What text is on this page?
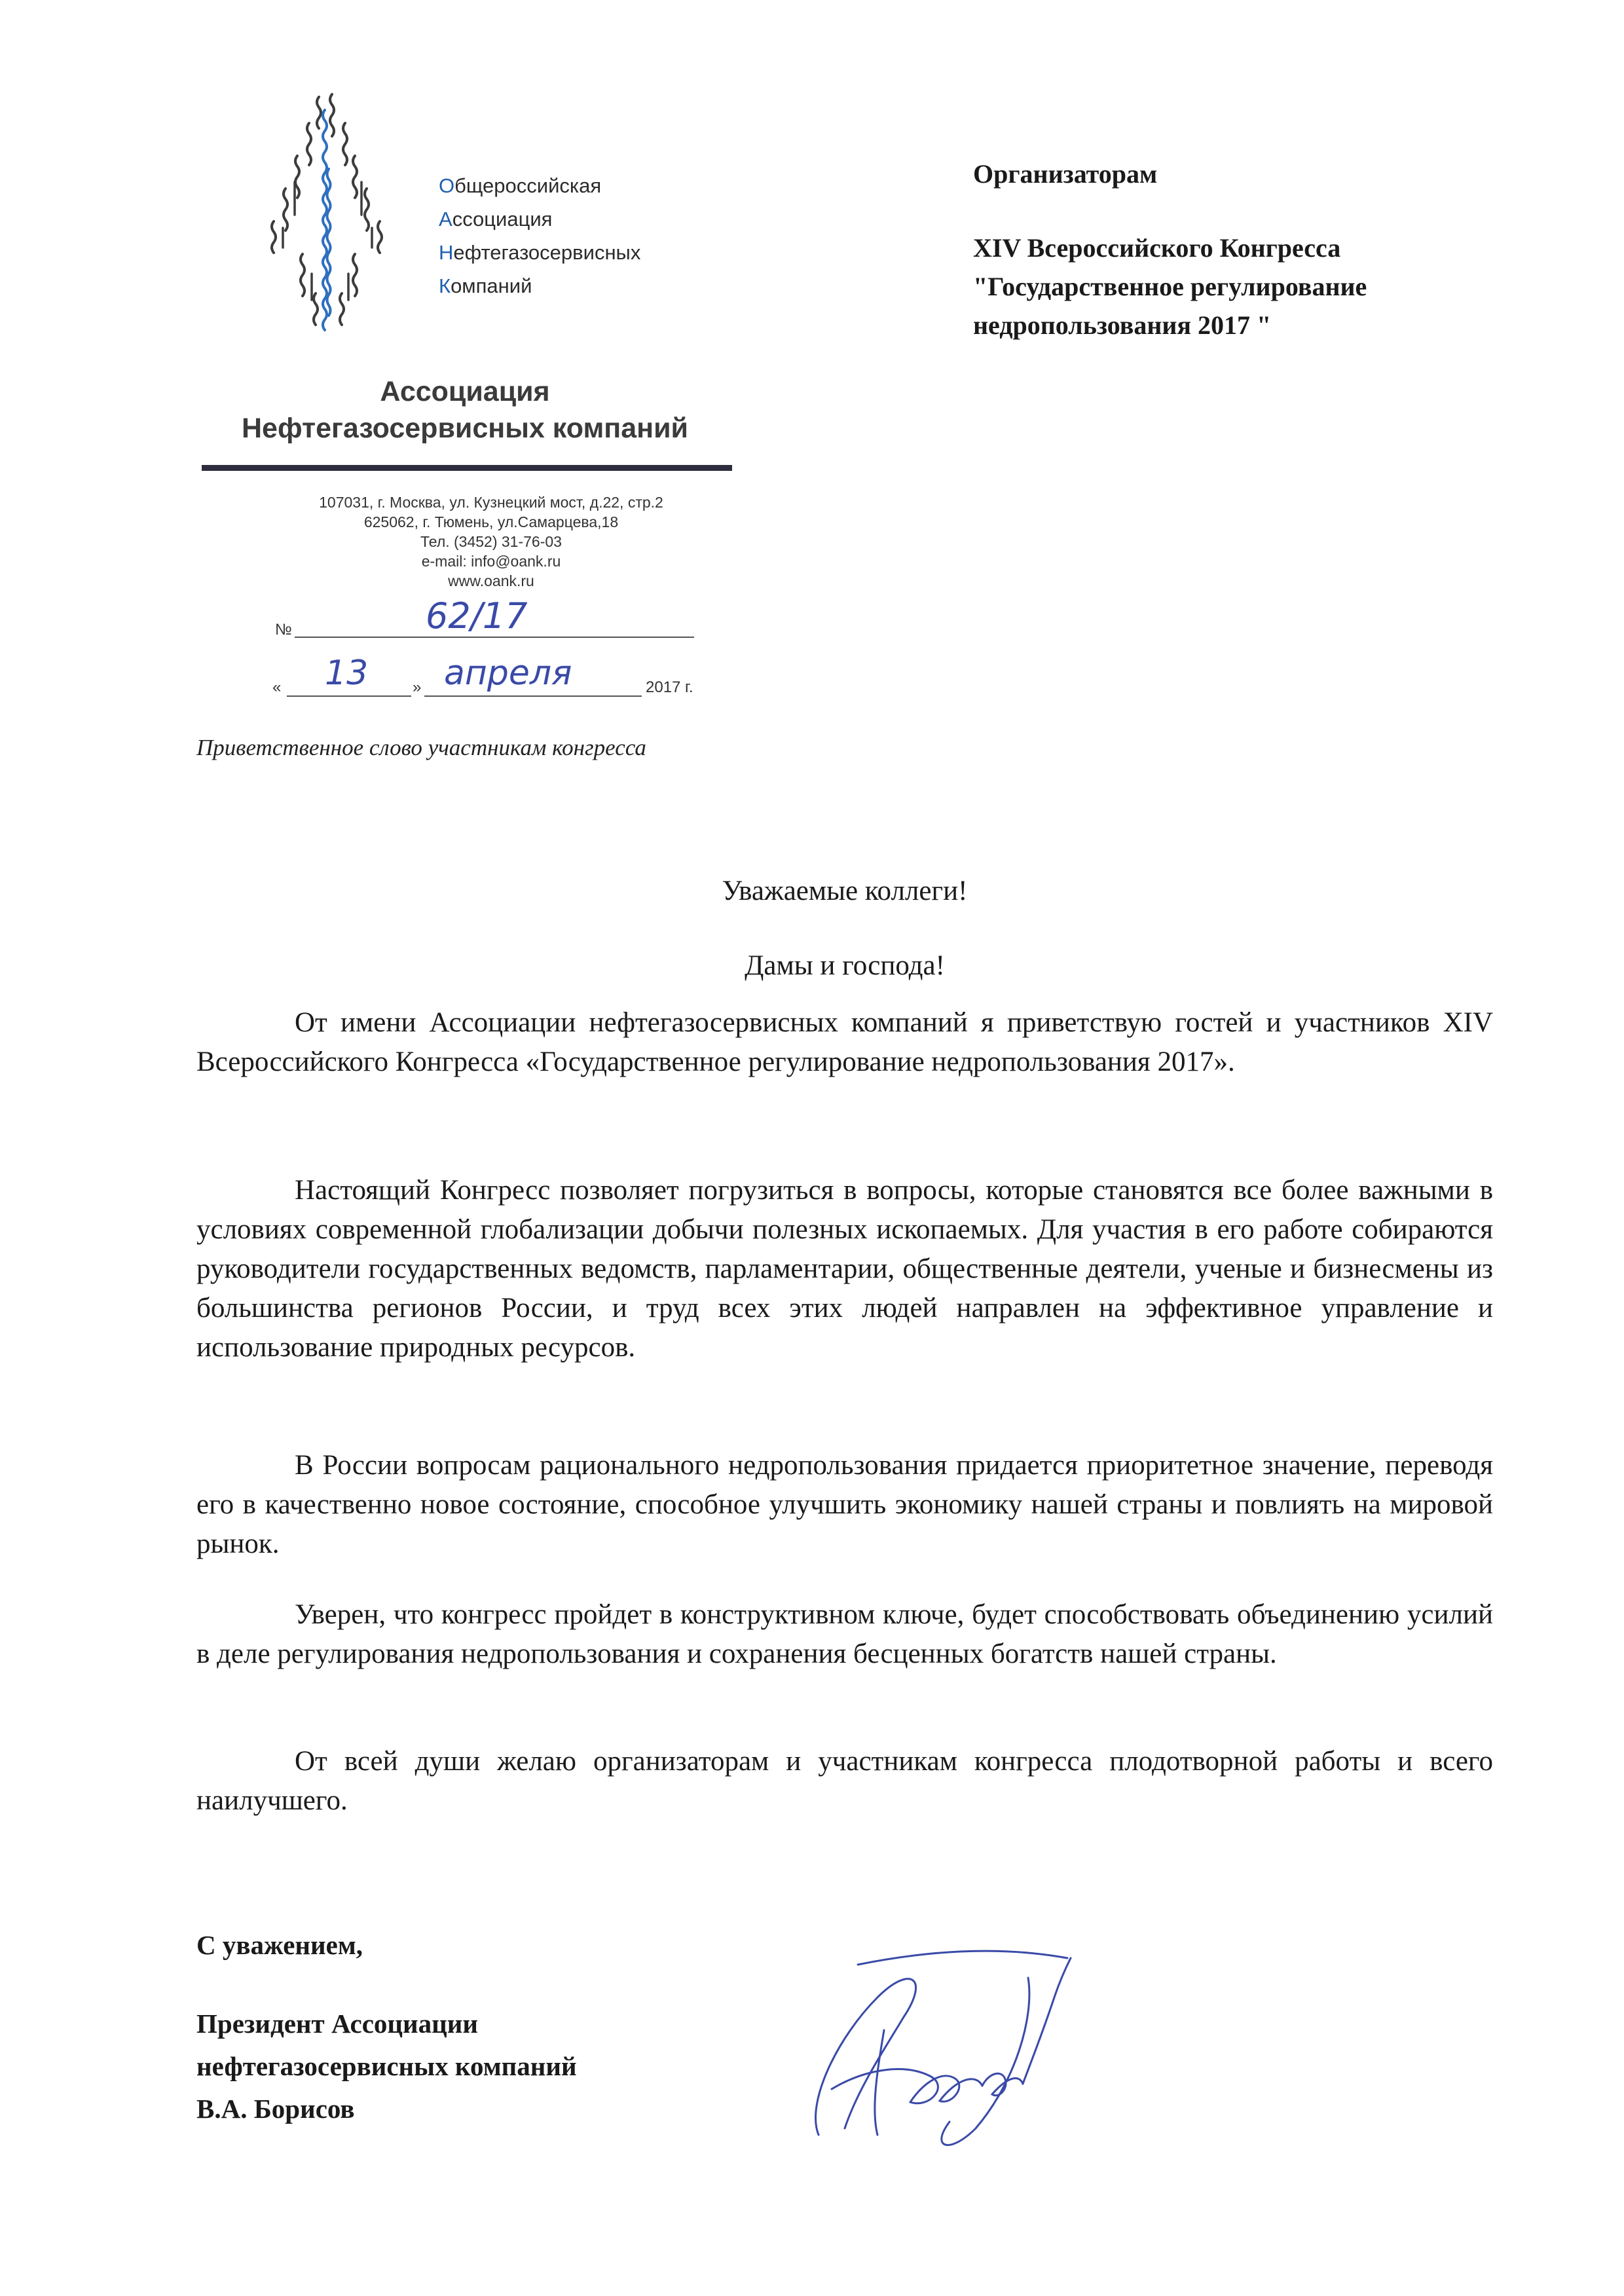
Общероссийская
Ассоциация
Нефтегазосервисных
Компаний
Ассоциация
Нефтегазосервисных компаний
107031, г. Москва, ул. Кузнецкий мост, д.22, стр.2
625062, г. Тюмень, ул.Самарцева,18
Тел. (3452) 31-76-03
e-mail: info@oank.ru
www.oank.ru
№	62/17
« 13	» апреля	2017 г.
Приветственное слово участникам конгресса
Организаторам
XIV Всероссийского Конгресса
"Государственное регулирование
недропользования 2017 "
Уважаемые коллеги!
Дамы и господа!

От имени Ассоциации нефтегазосервисных компаний я приветствую гостей и участников XIV Всероссийского Конгресса «Государственное регулирование недропользования 2017».

Настоящий Конгресс позволяет погрузиться в вопросы, которые становятся все более важными в условиях современной глобализации добычи полезных ископаемых. Для участия в его работе собираются руководители государственных ведомств, парламентарии, общественные деятели, ученые и бизнесмены из большинства регионов России, и труд всех этих людей направлен на эффективное управление и использование природных ресурсов.

В России вопросам рационального недропользования придается приоритетное значение, переводя его в качественно новое состояние, способное улучшить экономику нашей страны и повлиять на мировой рынок.

Уверен, что конгресс пройдет в конструктивном ключе, будет способствовать объединению усилий в деле регулирования недропользования и сохранения бесценных богатств нашей страны.

От всей души желаю организаторам и участникам конгресса плодотворной работы и всего наилучшего.

С уважением,
Президент Ассоциации
нефтегазосервисных компаний
В.А. Борисов
